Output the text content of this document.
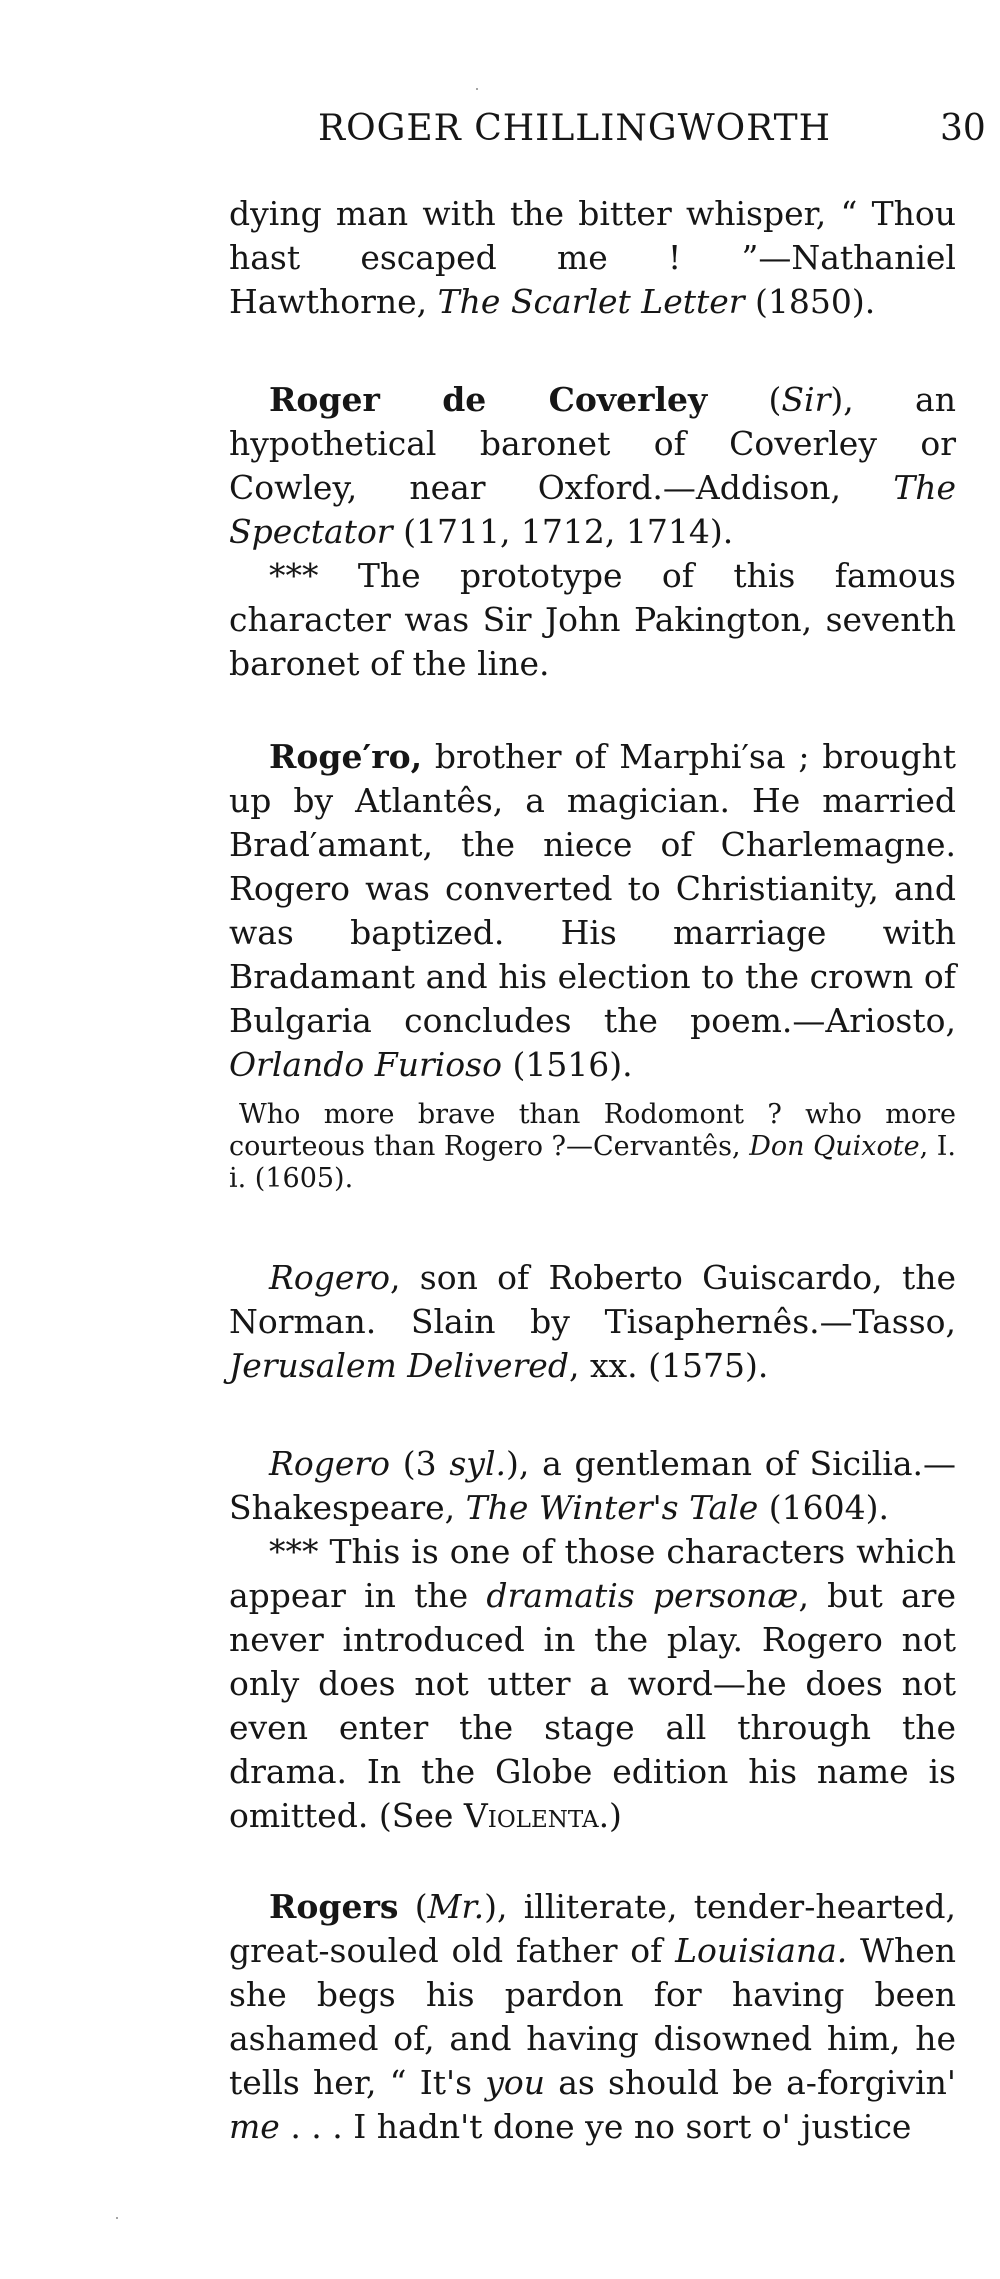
ROGER CHILLINGWORTH	30

dying man with the bitter whisper, “ Thou hast escaped me ! ”—Nathaniel Hawthorne, The Scarlet Letter (1850).

Roger de Coverley (Sir), an hypothetical baronet of Coverley or Cowley, near Oxford.—Addison, The Spectator (1711, 1712, 1714).

*** The prototype of this famous character was Sir John Pakington, seventh baronet of the line.

Roge′ro, brother of Marphi′sa ; brought up by Atlantês, a magician. He married Brad′amant, the niece of Charlemagne. Rogero was converted to Christianity, and was baptized. His marriage with Bradamant and his election to the crown of Bulgaria concludes the poem.—Ariosto, Orlando Furioso (1516).

Who more brave than Rodomont ? who more courteous than Rogero ?—Cervantês, Don Quixote, I. i. (1605).

Rogero, son of Roberto Guiscardo, the Norman. Slain by Tisaphernês.—Tasso, Jerusalem Delivered, xx. (1575).

Rogero (3 syl.), a gentleman of Sicilia.—Shakespeare, The Winter's Tale (1604).

*** This is one of those characters which appear in the dramatis personæ, but are never introduced in the play. Rogero not only does not utter a word—he does not even enter the stage all through the drama. In the Globe edition his name is omitted. (See Violenta.)

Rogers (Mr.), illiterate, tender-hearted, great-souled old father of Louisiana. When she begs his pardon for having been ashamed of, and having disowned him, he tells her, “ It's you as should be a-forgivin' me . . . I hadn't done ye no sort o' justice
